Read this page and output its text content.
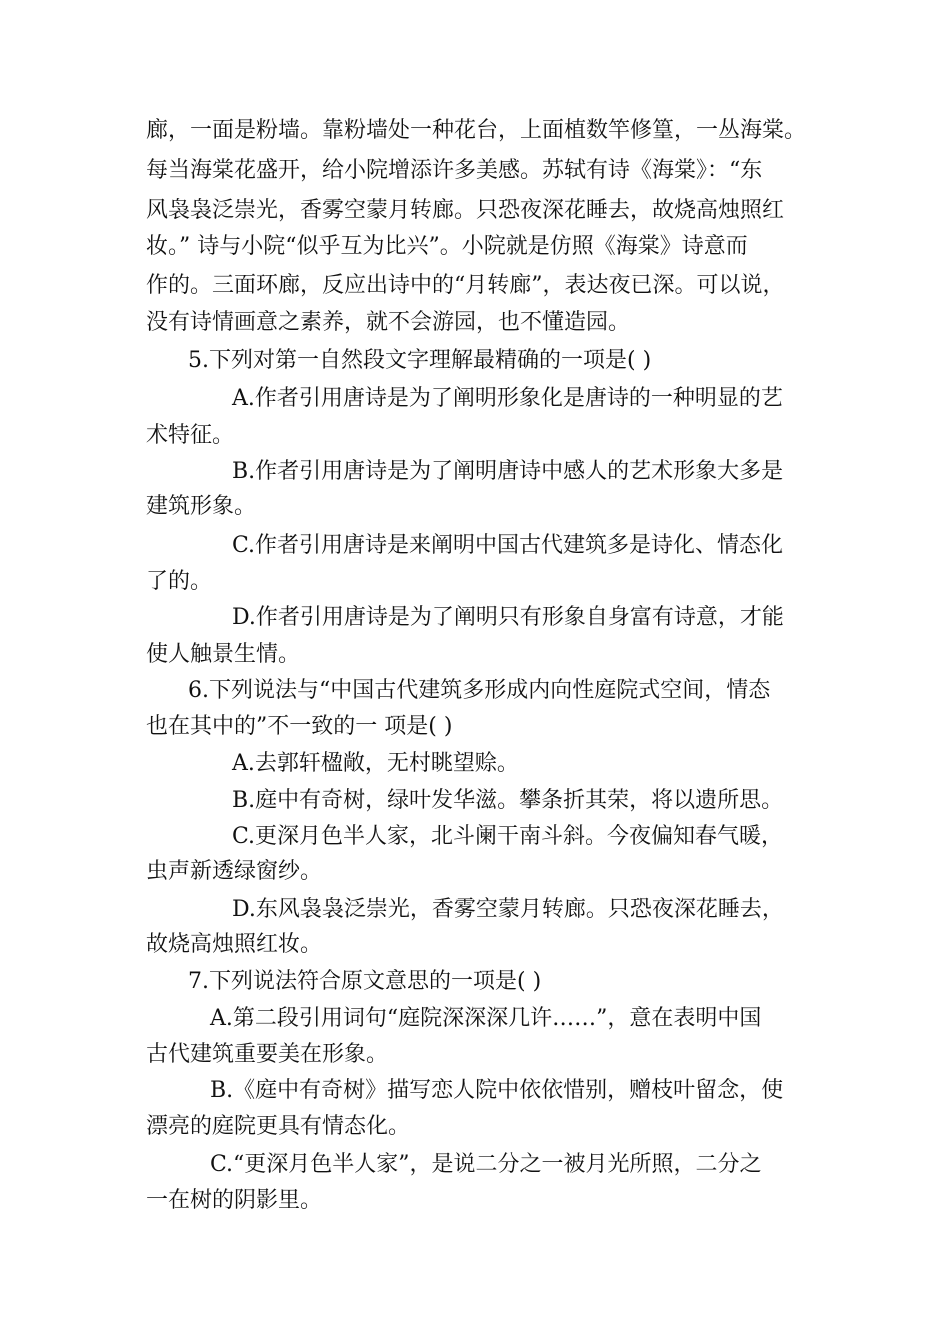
廊，一面是粉墙。靠粉墙处一种花台，上面植数竿修篁，一丛海棠。
每当海棠花盛开，给小院增添许多美感。苏轼有诗《海棠》：“东
风袅袅泛崇光，香雾空蒙月转廊。只恐夜深花睡去，故烧高烛照红
妆。” 诗与小院“似乎互为比兴”。小院就是仿照《海棠》诗意而
作的。三面环廊，反应出诗中的“月转廊”，表达夜已深。可以说，
没有诗情画意之素养，就不会游园，也不懂造园。
5.下列对第一自然段文字理解最精确的一项是( )
A.作者引用唐诗是为了阐明形象化是唐诗的一种明显的艺
术特征。
B.作者引用唐诗是为了阐明唐诗中感人的艺术形象大多是
建筑形象。
C.作者引用唐诗是来阐明中国古代建筑多是诗化、情态化
了的。
D.作者引用唐诗是为了阐明只有形象自身富有诗意，才能
使人触景生情。
6.下列说法与“中国古代建筑多形成内向性庭院式空间，情态
也在其中的”不一致的一 项是( )
A.去郭轩楹敞，无村眺望赊。
B.庭中有奇树，绿叶发华滋。攀条折其荣，将以遗所思。
C.更深月色半人家，北斗阑干南斗斜。今夜偏知春气暖，
虫声新透绿窗纱。
D.东风袅袅泛崇光，香雾空蒙月转廊。只恐夜深花睡去，
故烧高烛照红妆。
7.下列说法符合原文意思的一项是( )
A.第二段引用词句“庭院深深深几许……”，意在表明中国
古代建筑重要美在形象。
B.《庭中有奇树》描写恋人院中依依惜别，赠枝叶留念，使
漂亮的庭院更具有情态化。
C.“更深月色半人家”，是说二分之一被月光所照，二分之
一在树的阴影里。
